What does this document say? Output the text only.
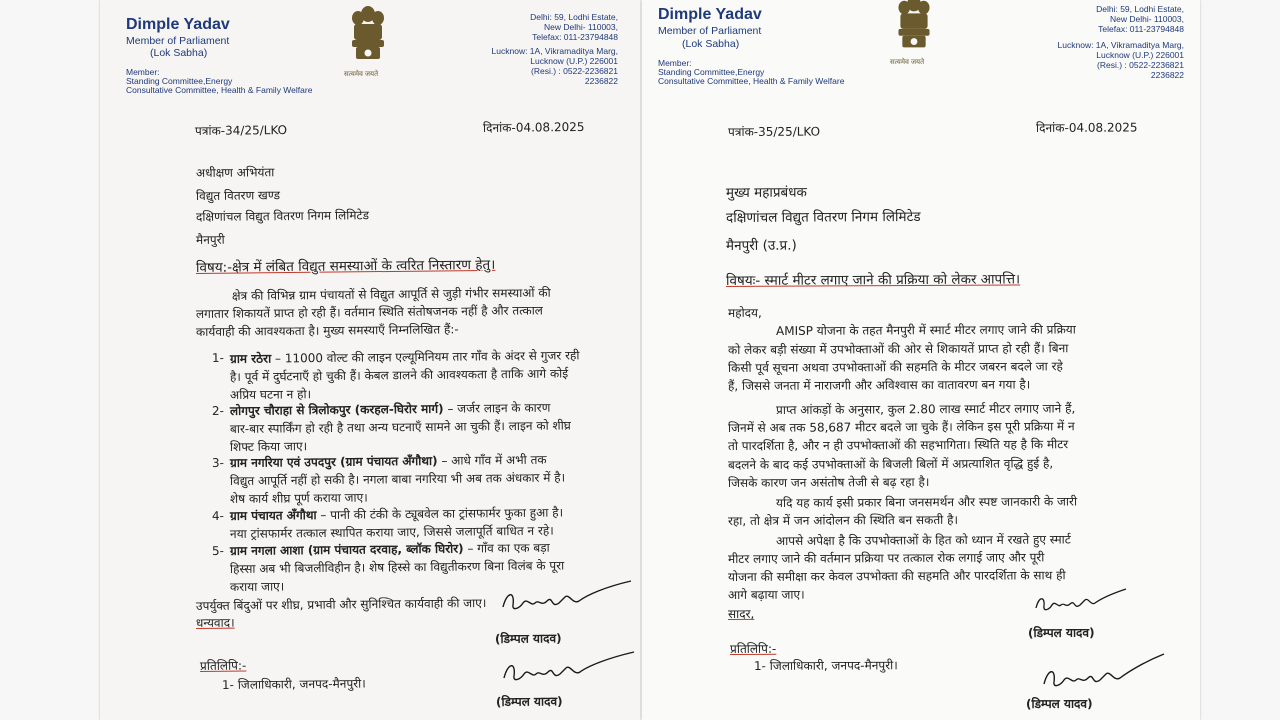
Dimple Yadav
Member of Parliament
(Lok Sabha)
Member:
Standing Committee,Energy
Consultative Committee, Health & Family Welfare
सत्यमेव जयते
Delhi: 59, Lodhi Estate,
New Delhi- 110003,
Telefax: 011-23794848
Lucknow: 1A, Vikramaditya Marg,
Lucknow (U.P.) 226001
(Resi.) : 0522-2236821
2236822
पत्रांक-34/25/LKO	दिनांक-04.08.2025
अधीक्षण अभियंता
विद्युत वितरण खण्ड
दक्षिणांचल विद्युत वितरण निगम लिमिटेड
मैनपुरी
विषय:-क्षेत्र में लंबित विद्युत समस्याओं के त्वरित निस्तारण हेतु।
क्षेत्र की विभिन्न ग्राम पंचायतों से विद्युत आपूर्ति से जुड़ी गंभीर समस्याओं की
लगातार शिकायतें प्राप्त हो रही हैं। वर्तमान स्थिति संतोषजनक नहीं है और तत्काल
कार्यवाही की आवश्यकता है। मुख्य समस्याएँ निम्नलिखित हैं:-
1- ग्राम रठेरा – 11000 वोल्ट की लाइन एल्यूमिनियम तार गाँव के अंदर से गुजर रही
है। पूर्व में दुर्घटनाएँ हो चुकी हैं। केबल डालने की आवश्यकता है ताकि आगे कोई
अप्रिय घटना न हो।
2- लोगपुर चौराहा से त्रिलोकपुर (करहल-घिरोर मार्ग) – जर्जर लाइन के कारण
बार-बार स्पार्किंग हो रही है तथा अन्य घटनाएँ सामने आ चुकी हैं। लाइन को शीघ्र
शिफ्ट किया जाए।
3- ग्राम नगरिया एवं उपदपुर (ग्राम पंचायत अँगौथा) – आधे गाँव में अभी तक
विद्युत आपूर्ति नहीं हो सकी है। नगला बाबा नगरिया भी अब तक अंधकार में है।
शेष कार्य शीघ्र पूर्ण कराया जाए।
4- ग्राम पंचायत अँगौथा – पानी की टंकी के ट्यूबवेल का ट्रांसफार्मर फुका हुआ है।
नया ट्रांसफार्मर तत्काल स्थापित कराया जाए, जिससे जलापूर्ति बाधित न रहे।
5- ग्राम नगला आशा (ग्राम पंचायत दरवाह, ब्लॉक घिरोर) – गाँव का एक बड़ा
हिस्सा अब भी बिजलीविहीन है। शेष हिस्से का विद्युतीकरण बिना विलंब के पूरा
कराया जाए।
उपर्युक्त बिंदुओं पर शीघ्र, प्रभावी और सुनिश्चित कार्यवाही की जाए।
धन्यवाद।
(डिम्पल यादव)
प्रतिलिपि:-
1- जिलाधिकारी, जनपद-मैनपुरी।
(डिम्पल यादव)
Dimple Yadav
Member of Parliament
(Lok Sabha)
Member:
Standing Committee,Energy
Consultative Committee, Health & Family Welfare
सत्यमेव जयते
Delhi: 59, Lodhi Estate,
New Delhi- 110003,
Telefax: 011-23794848
Lucknow: 1A, Vikramaditya Marg,
Lucknow (U.P.) 226001
(Resi.) : 0522-2236821
2236822
पत्रांक-35/25/LKO	दिनांक-04.08.2025
मुख्य महाप्रबंधक
दक्षिणांचल विद्युत वितरण निगम लिमिटेड
मैनपुरी (उ.प्र.)
विषयः- स्मार्ट मीटर लगाए जाने की प्रक्रिया को लेकर आपत्ति।
महोदय,
AMISP योजना के तहत मैनपुरी में स्मार्ट मीटर लगाए जाने की प्रक्रिया
को लेकर बड़ी संख्या में उपभोक्ताओं की ओर से शिकायतें प्राप्त हो रही हैं। बिना
किसी पूर्व सूचना अथवा उपभोक्ताओं की सहमति के मीटर जबरन बदले जा रहे
हैं, जिससे जनता में नाराजगी और अविश्वास का वातावरण बन गया है।
प्राप्त आंकड़ों के अनुसार, कुल 2.80 लाख स्मार्ट मीटर लगाए जाने हैं,
जिनमें से अब तक 58,687 मीटर बदले जा चुके हैं। लेकिन इस पूरी प्रक्रिया में न
तो पारदर्शिता है, और न ही उपभोक्ताओं की सहभागिता। स्थिति यह है कि मीटर
बदलने के बाद कई उपभोक्ताओं के बिजली बिलों में अप्रत्याशित वृद्धि हुई है,
जिसके कारण जन असंतोष तेजी से बढ़ रहा है।
यदि यह कार्य इसी प्रकार बिना जनसमर्थन और स्पष्ट जानकारी के जारी
रहा, तो क्षेत्र में जन आंदोलन की स्थिति बन सकती है।
आपसे अपेक्षा है कि उपभोक्ताओं के हित को ध्यान में रखते हुए स्मार्ट
मीटर लगाए जाने की वर्तमान प्रक्रिया पर तत्काल रोक लगाई जाए और पूरी
योजना की समीक्षा कर केवल उपभोक्ता की सहमति और पारदर्शिता के साथ ही
आगे बढ़ाया जाए।
सादर,
(डिम्पल यादव)
प्रतिलिपि:-
1- जिलाधिकारी, जनपद-मैनपुरी।
(डिम्पल यादव)
